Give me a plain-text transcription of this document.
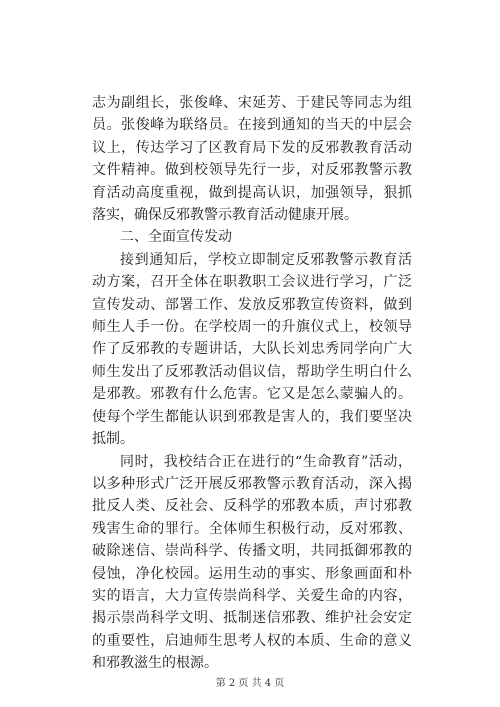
志为副组长，张俊峰、宋延芳、于建民等同志为组员。张俊峰为联络员。在接到通知的当天的中层会议上，传达学习了区教育局下发的反邪教教育活动文件精神。做到校领导先行一步，对反邪教警示教育活动高度重视，做到提高认识，加强领导，狠抓落实，确保反邪教警示教育活动健康开展。

二、全面宣传发动

接到通知后，学校立即制定反邪教警示教育活动方案，召开全体在职教职工会议进行学习，广泛宣传发动、部署工作、发放反邪教宣传资料，做到师生人手一份。在学校周一的升旗仪式上，校领导作了反邪教的专题讲话，大队长刘忠秀同学向广大师生发出了反邪教活动倡议信，帮助学生明白什么是邪教。邪教有什么危害。它又是怎么蒙骗人的。使每个学生都能认识到邪教是害人的，我们要坚决抵制。

同时，我校结合正在进行的“生命教育”活动，以多种形式广泛开展反邪教警示教育活动，深入揭批反人类、反社会、反科学的邪教本质，声讨邪教残害生命的罪行。全体师生积极行动，反对邪教、破除迷信、崇尚科学、传播文明，共同抵御邪教的侵蚀，净化校园。运用生动的事实、形象画面和朴实的语言，大力宣传崇尚科学、关爱生命的内容，揭示崇尚科学文明、抵制迷信邪教、维护社会安定的重要性，启迪师生思考人权的本质、生命的意义和邪教滋生的根源。

第 2 页 共 4 页
